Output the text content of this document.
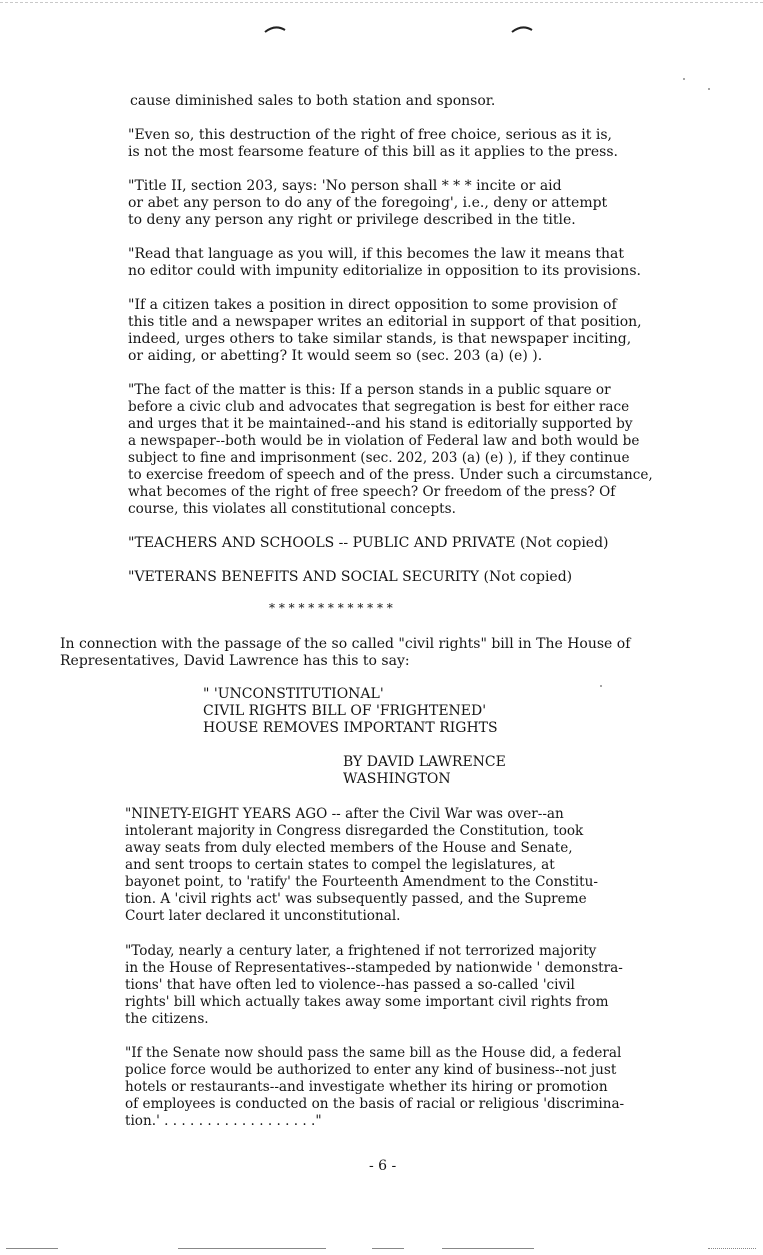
cause diminished sales to both station and sponsor.

"Even so, this destruction of the right of free choice, serious as it is,
is not the most fearsome feature of this bill as it applies to the press.

"Title II, section 203, says: 'No person shall * * * incite or aid
or abet any person to do any of the foregoing', i.e., deny or attempt
to deny any person any right or privilege described in the title.

"Read that language as you will, if this becomes the law it means that
no editor could with impunity editorialize in opposition to its provisions.

"If a citizen takes a position in direct opposition to some provision of
this title and a newspaper writes an editorial in support of that position,
indeed, urges others to take similar stands, is that newspaper inciting,
or aiding, or abetting? It would seem so (sec. 203 (a) (e) ).

"The fact of the matter is this: If a person stands in a public square or
before a civic club and advocates that segregation is best for either race
and urges that it be maintained--and his stand is editorially supported by
a newspaper--both would be in violation of Federal law and both would be
subject to fine and imprisonment (sec. 202, 203 (a) (e) ), if they continue
to exercise freedom of speech and of the press. Under such a circumstance,
what becomes of the right of free speech? Or freedom of the press? Of
course, this violates all constitutional concepts.

"TEACHERS AND SCHOOLS -- PUBLIC AND PRIVATE (Not copied)

"VETERANS BENEFITS AND SOCIAL SECURITY (Not copied)

* * * * * * * * * * * * *

In connection with the passage of the so called "civil rights" bill in The House of
Representatives, David Lawrence has this to say:

" 'UNCONSTITUTIONAL'
CIVIL RIGHTS BILL OF 'FRIGHTENED'
HOUSE REMOVES IMPORTANT RIGHTS

BY DAVID LAWRENCE
WASHINGTON

"NINETY-EIGHT YEARS AGO -- after the Civil War was over--an
intolerant majority in Congress disregarded the Constitution, took
away seats from duly elected members of the House and Senate,
and sent troops to certain states to compel the legislatures, at
bayonet point, to 'ratify' the Fourteenth Amendment to the Constitu-
tion. A 'civil rights act' was subsequently passed, and the Supreme
Court later declared it unconstitutional.

"Today, nearly a century later, a frightened if not terrorized majority
in the House of Representatives--stampeded by nationwide ' demonstra-
tions' that have often led to violence--has passed a so-called 'civil
rights' bill which actually takes away some important civil rights from
the citizens.

"If the Senate now should pass the same bill as the House did, a federal
police force would be authorized to enter any kind of business--not just
hotels or restaurants--and investigate whether its hiring or promotion
of employees is conducted on the basis of racial or religious 'discrimina-
tion.' . . . . . . . . . . . . . . . . . ."

- 6 -
